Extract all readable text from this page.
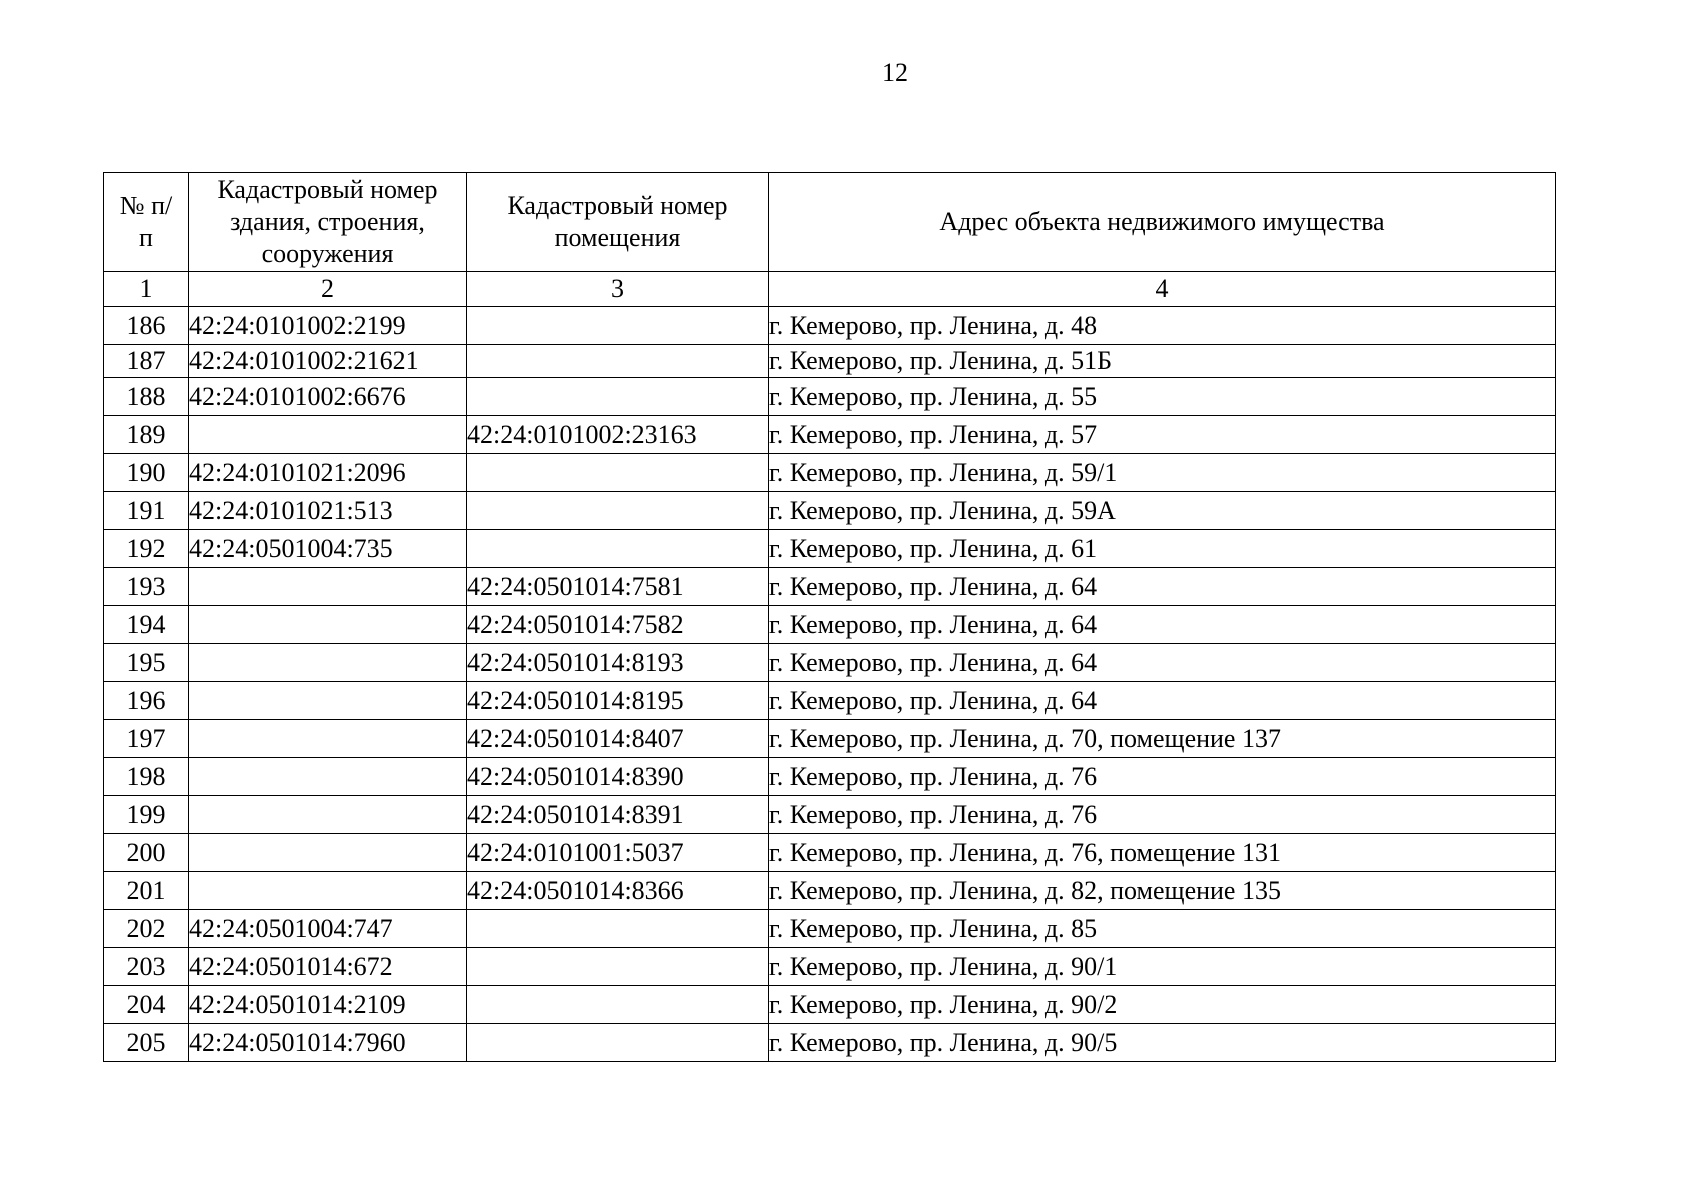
12
№ п/п	Кадастровый номер здания, строения, сооружения	Кадастровый номер помещения	Адрес объекта недвижимого имущества
1	2	3	4
186	42:24:0101002:2199		г. Кемерово, пр. Ленина, д. 48
187	42:24:0101002:21621		г. Кемерово, пр. Ленина, д. 51Б
188	42:24:0101002:6676		г. Кемерово, пр. Ленина, д. 55
189		42:24:0101002:23163	г. Кемерово, пр. Ленина, д. 57
190	42:24:0101021:2096		г. Кемерово, пр. Ленина, д. 59/1
191	42:24:0101021:513		г. Кемерово, пр. Ленина, д. 59А
192	42:24:0501004:735		г. Кемерово, пр. Ленина, д. 61
193		42:24:0501014:7581	г. Кемерово, пр. Ленина, д. 64
194		42:24:0501014:7582	г. Кемерово, пр. Ленина, д. 64
195		42:24:0501014:8193	г. Кемерово, пр. Ленина, д. 64
196		42:24:0501014:8195	г. Кемерово, пр. Ленина, д. 64
197		42:24:0501014:8407	г. Кемерово, пр. Ленина, д. 70, помещение 137
198		42:24:0501014:8390	г. Кемерово, пр. Ленина, д. 76
199		42:24:0501014:8391	г. Кемерово, пр. Ленина, д. 76
200		42:24:0101001:5037	г. Кемерово, пр. Ленина, д. 76, помещение 131
201		42:24:0501014:8366	г. Кемерово, пр. Ленина, д. 82, помещение 135
202	42:24:0501004:747		г. Кемерово, пр. Ленина, д. 85
203	42:24:0501014:672		г. Кемерово, пр. Ленина, д. 90/1
204	42:24:0501014:2109		г. Кемерово, пр. Ленина, д. 90/2
205	42:24:0501014:7960		г. Кемерово, пр. Ленина, д. 90/5
